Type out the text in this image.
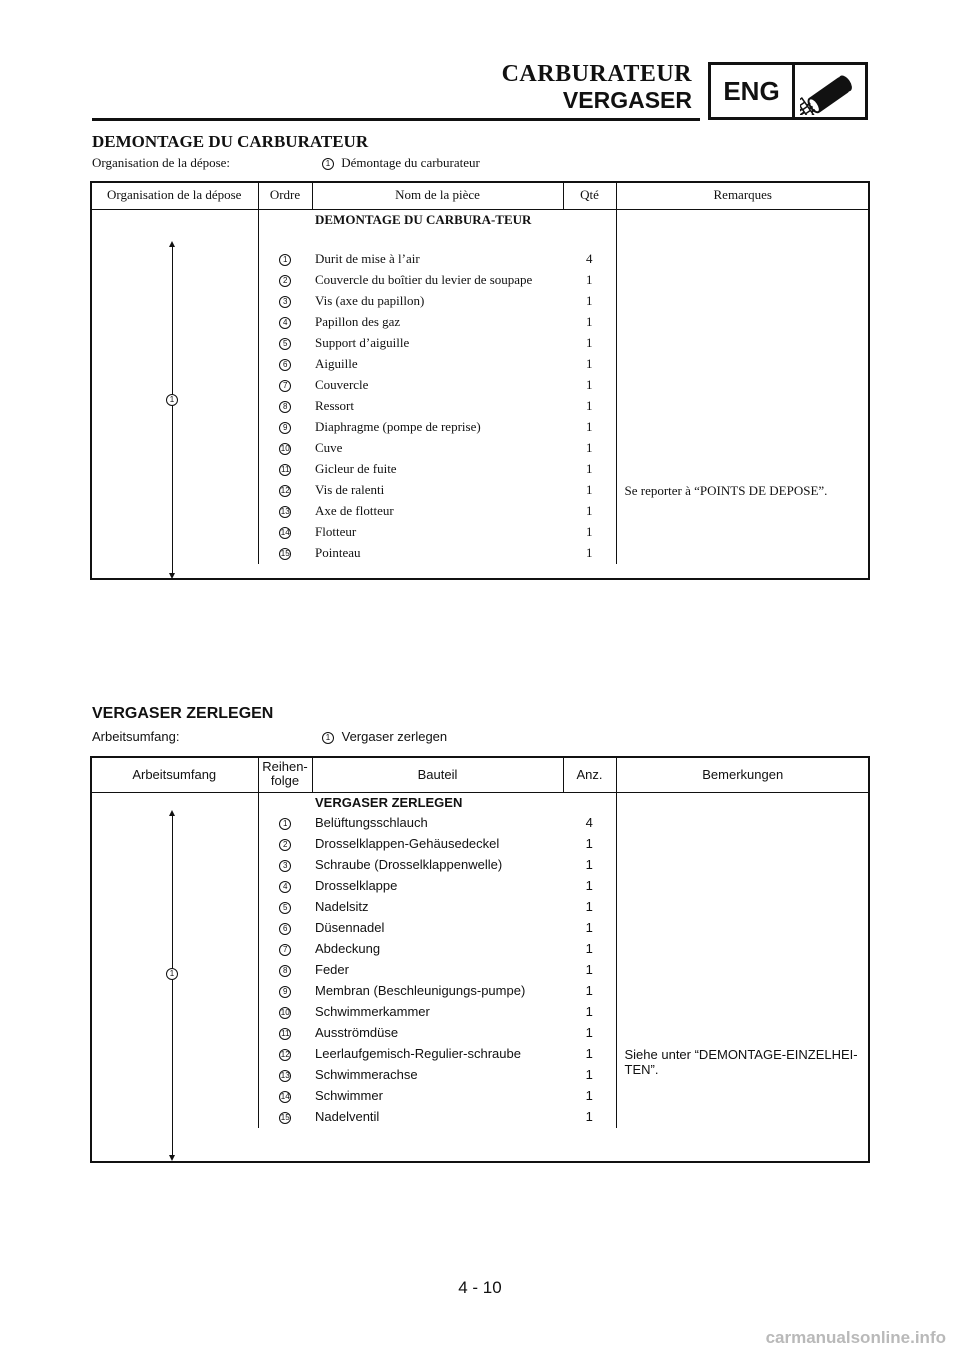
CARBURATEUR
VERGASER	ENG
DEMONTAGE DU CARBURATEUR
Organisation de la dépose:	1 Démontage du carburateur
Organisation de la dépose	Ordre	Nom de la pièce	Qté	Remarques
		DEMONTAGE DU CARBURA-TEUR		Se reporter à “POINTS DE DEPOSE”.

	1	Durit de mise à l’air	4	
	2	Couvercle du boîtier du levier de soupape	1	
	3	Vis (axe du papillon)	1	
	4	Papillon des gaz	1	
	5	Support d’aiguille	1	
	6	Aiguille	1	
	7	Couvercle	1	
	8	Ressort	1	
	9	Diaphragme (pompe de reprise)	1	
	10	Cuve	1	
	11	Gicleur de fuite	1	
	12	Vis de ralenti	1	
	13	Axe de flotteur	1	
	14	Flotteur	1	
	15	Pointeau	1	
1
VERGASER ZERLEGEN
Arbeitsumfang:	1 Vergaser zerlegen
Arbeitsumfang	Reihen-folge	Bauteil	Anz.	Bemerkungen
		VERGASER ZERLEGEN		Siehe unter “DEMONTAGE-EINZELHEI-TEN”.

	1	Belüftungsschlauch	4	
	2	Drosselklappen-Gehäusedeckel	1	
	3	Schraube (Drosselklappenwelle)	1	
	4	Drosselklappe	1	
	5	Nadelsitz	1	
	6	Düsennadel	1	
	7	Abdeckung	1	
	8	Feder	1	
	9	Membran (Beschleunigungs-pumpe)	1	
	10	Schwimmerkammer	1	
	11	Ausströmdüse	1	
	12	Leerlaufgemisch-Regulier-schraube	1	
	13	Schwimmerachse	1	
	14	Schwimmer	1	
	15	Nadelventil	1	
1
4 - 10
carmanualsonline.info
